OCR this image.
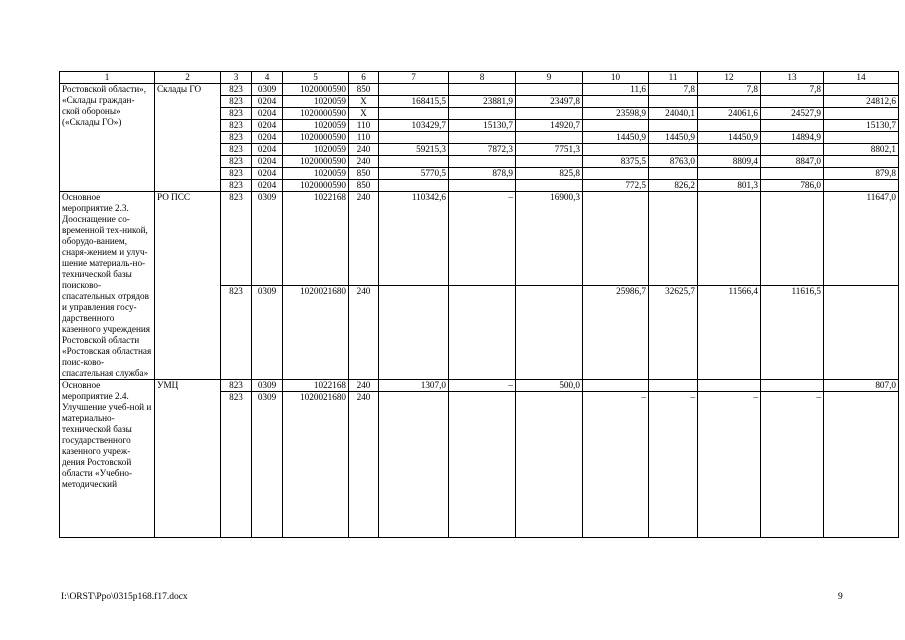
1	2	3	4	5	6	7	8	9	10	11	12	13	14
Ростовской области», «Склады граждан-ской обороны» («Склады ГО»)	Склады ГО	823	0309	1020000590	850				11,6	7,8	7,8	7,8	
		823	0204	1020059	X	168415,5	23881,9	23497,8					24812,6
		823	0204	1020000590	X				23598,9	24040,1	24061,6	24527,9	
		823	0204	1020059	110	103429,7	15130,7	14920,7					15130,7
		823	0204	1020000590	110				14450,9	14450,9	14450,9	14894,9	
		823	0204	1020059	240	59215,3	7872,3	7751,3					8802,1
		823	0204	1020000590	240				8375,5	8763,0	8809,4	8847,0	
		823	0204	1020059	850	5770,5	878,9	825,8					879,8
		823	0204	1020000590	850				772,5	826,2	801,3	786,0	
Основное мероприятие 2.3. Дооснащение со-временной тех-никой, оборудо-ванием, снаря-жением и улуч-шение материаль-но-технической базы поисково-спасательных отрядов и управления госу-дарственного казенного учреждения Ростовской области «Ростовская областная поис-ково-спасательная служба»	РО ПСС	823	0309	1022168	240	110342,6	–	16900,3					11647,0
		823	0309	1020021680	240				25986,7	32625,7	11566,4	11616,5	
Основное мероприятие 2.4. Улучшение учеб-ной и материально-технической базы государственного казенного учреж-дения Ростовской области «Учебно-методический	УМЦ	823	0309	1022168	240	1307,0	–	500,0					807,0
		823	0309	1020021680	240				–	–	–	–	
I:\ORST\Ppo\0315p168.f17.docx	9
